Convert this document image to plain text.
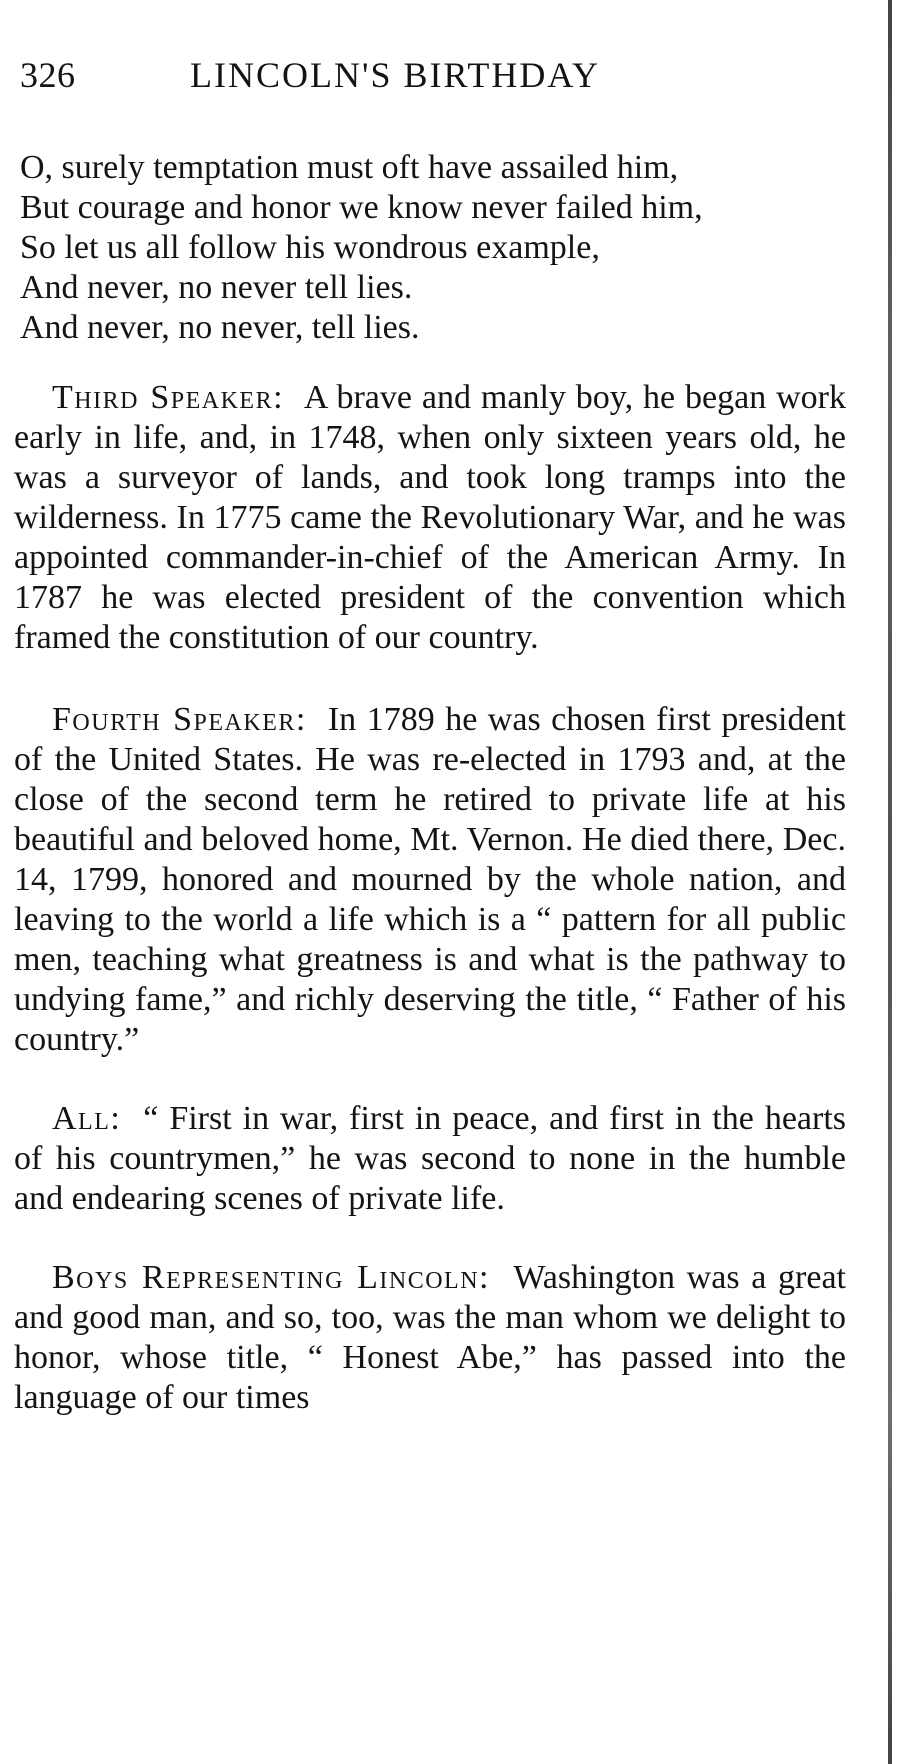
326	LINCOLN'S BIRTHDAY
O, surely temptation must oft have assailed him,
But courage and honor we know never failed him,
So let us all follow his wondrous example,
And never, no never tell lies.
And never, no never, tell lies.

Third Speaker: A brave and manly boy, he began work early in life, and, in 1748, when only sixteen years old, he was a surveyor of lands, and took long tramps into the wilderness. In 1775 came the Revolutionary War, and he was appointed commander-in-chief of the American Army. In 1787 he was elected president of the convention which framed the constitution of our country.

Fourth Speaker: In 1789 he was chosen first president of the United States. He was re-elected in 1793 and, at the close of the second term he retired to private life at his beautiful and beloved home, Mt. Vernon. He died there, Dec. 14, 1799, honored and mourned by the whole nation, and leaving to the world a life which is a “ pattern for all public men, teaching what greatness is and what is the pathway to undying fame,” and richly deserving the title, “ Father of his country.”

All: “ First in war, first in peace, and first in the hearts of his countrymen,” he was second to none in the humble and endearing scenes of private life.

Boys Representing Lincoln: Washington was a great and good man, and so, too, was the man whom we delight to honor, whose title, “ Honest Abe,” has passed into the language of our times
